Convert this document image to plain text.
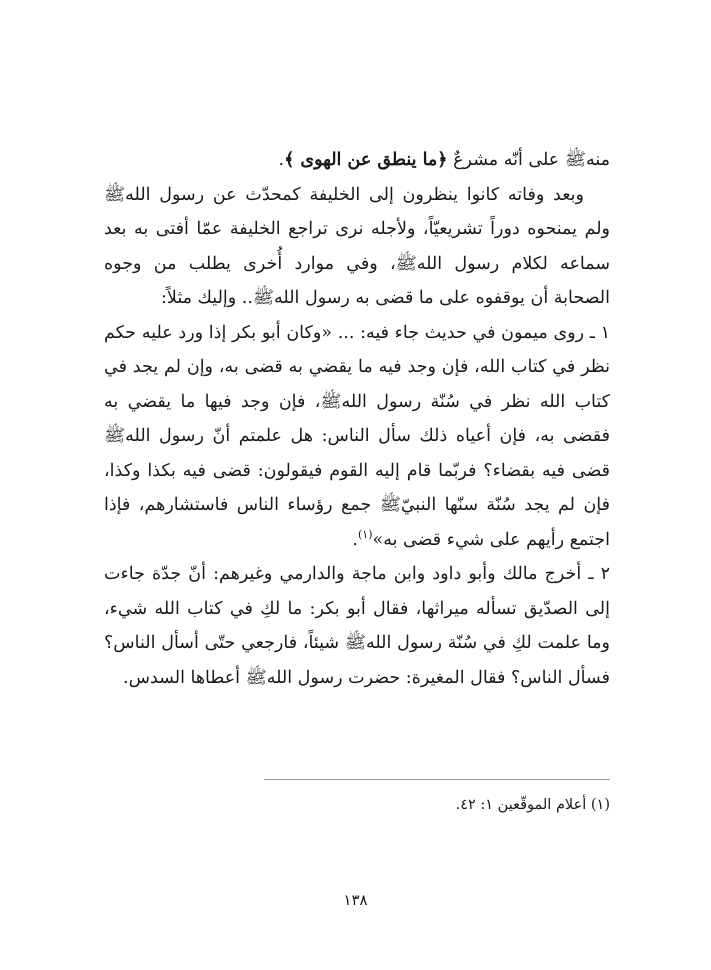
منهﷺ على أنّه مشرعٌ ﴿ما ينطق عن الهوى ﴾.

وبعد وفاته كانوا ينظرون إلى الخليفة كمحدّث عن رسول اللهﷺ ولم يمنحوه دوراً تشريعيّاً، ولأجله نرى تراجع الخليفة عمّا أفتى به بعد سماعه لكلام رسول اللهﷺ، وفي موارد أُخرى يطلب من وجوه الصحابة أن يوقفوه على ما قضى به رسول اللهﷺ.. وإليك مثلاً:

١ ـ روى ميمون في حديث جاء فيه: ... «وكان أبو بكر إذا ورد عليه حكم نظر في كتاب الله، فإن وجد فيه ما يقضي به قضى به، وإن لم يجد في كتاب الله نظر في سُنّة رسول اللهﷺ، فإن وجد فيها ما يقضي به فقضى به، فإن أعياه ذلك سأل الناس: هل علمتم أنّ رسول اللهﷺ قضى فيه بقضاء؟ فربّما قام إليه القوم فيقولون: قضى فيه بكذا وكذا، فإن لم يجد سُنّة سنّها النبيّﷺ جمع رؤساء الناس فاستشارهم، فإذا اجتمع رأيهم على شيء قضى به»$^{(١)}$.

٢ ـ أخرج مالك وأبو داود وابن ماجة والدارمي وغيرهم: أنّ جدّة جاءت إلى الصدّيق تسأله ميراثها، فقال أبو بكر: ما لكِ في كتاب الله شيء، وما علمت لكِ في سُنّة رسول اللهﷺ شيئاً، فارجعي حتّى أسأل الناس؟ فسأل الناس؟ فقال المغيرة: حضرت رسول اللهﷺ أعطاها السدس.

(١) أعلام الموقّعين ١: ٤٢.
١٣٨
